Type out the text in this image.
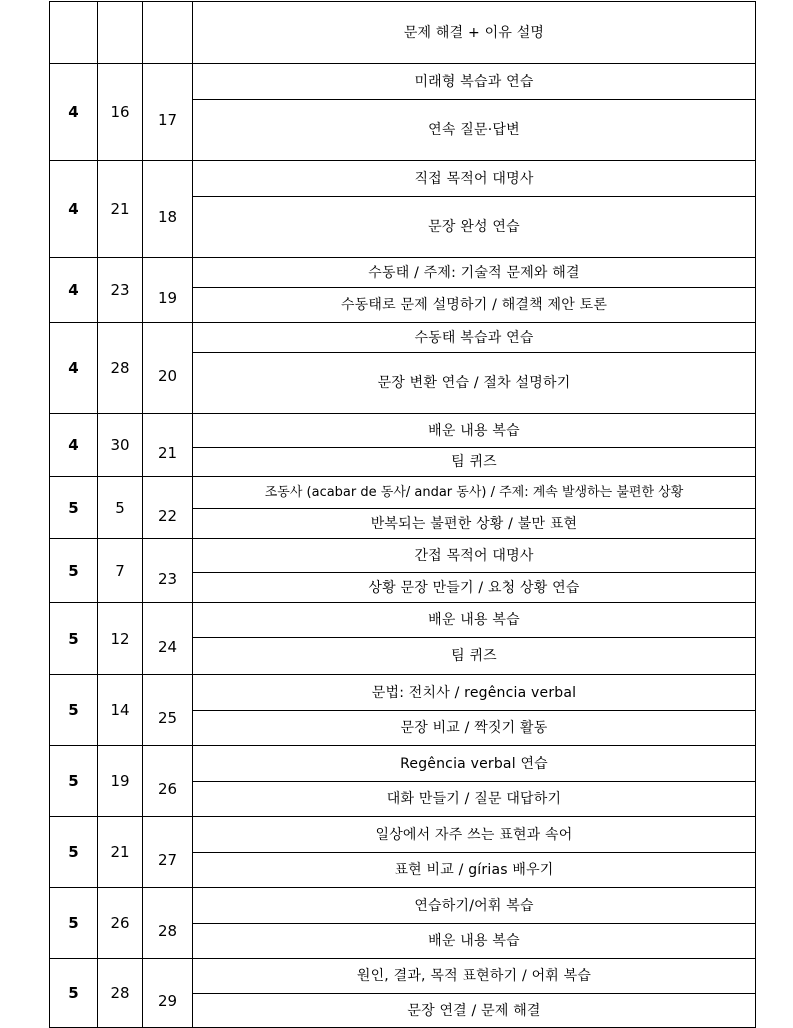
			문제 해결 + 이유 설명
4	16	17	미래형 복습과 연습
			연속 질문·답변
4	21	18	직접 목적어 대명사
			문장 완성 연습
4	23	19	수동태 / 주제: 기술적 문제와 해결
			수동태로 문제 설명하기 / 해결책 제안 토론
4	28	20	수동태 복습과 연습
			문장 변환 연습 / 절차 설명하기
4	30	21	배운 내용 복습
			팀 퀴즈
5	5	22	조동사 (acabar de 동사/ andar 동사) / 주제: 계속 발생하는 불편한 상황
			반복되는 불편한 상황 / 불만 표현
5	7	23	간접 목적어 대명사
			상황 문장 만들기 / 요청 상황 연습
5	12	24	배운 내용 복습
			팀 퀴즈
5	14	25	문법: 전치사 / regência verbal
			문장 비교 / 짝짓기 활동
5	19	26	Regência verbal 연습
			대화 만들기 / 질문 대답하기
5	21	27	일상에서 자주 쓰는 표현과 속어
			표현 비교 / gírias 배우기
5	26	28	연습하기/어휘 복습
			배운 내용 복습
5	28	29	원인, 결과, 목적 표현하기 / 어휘 복습
			문장 연결 / 문제 해결
